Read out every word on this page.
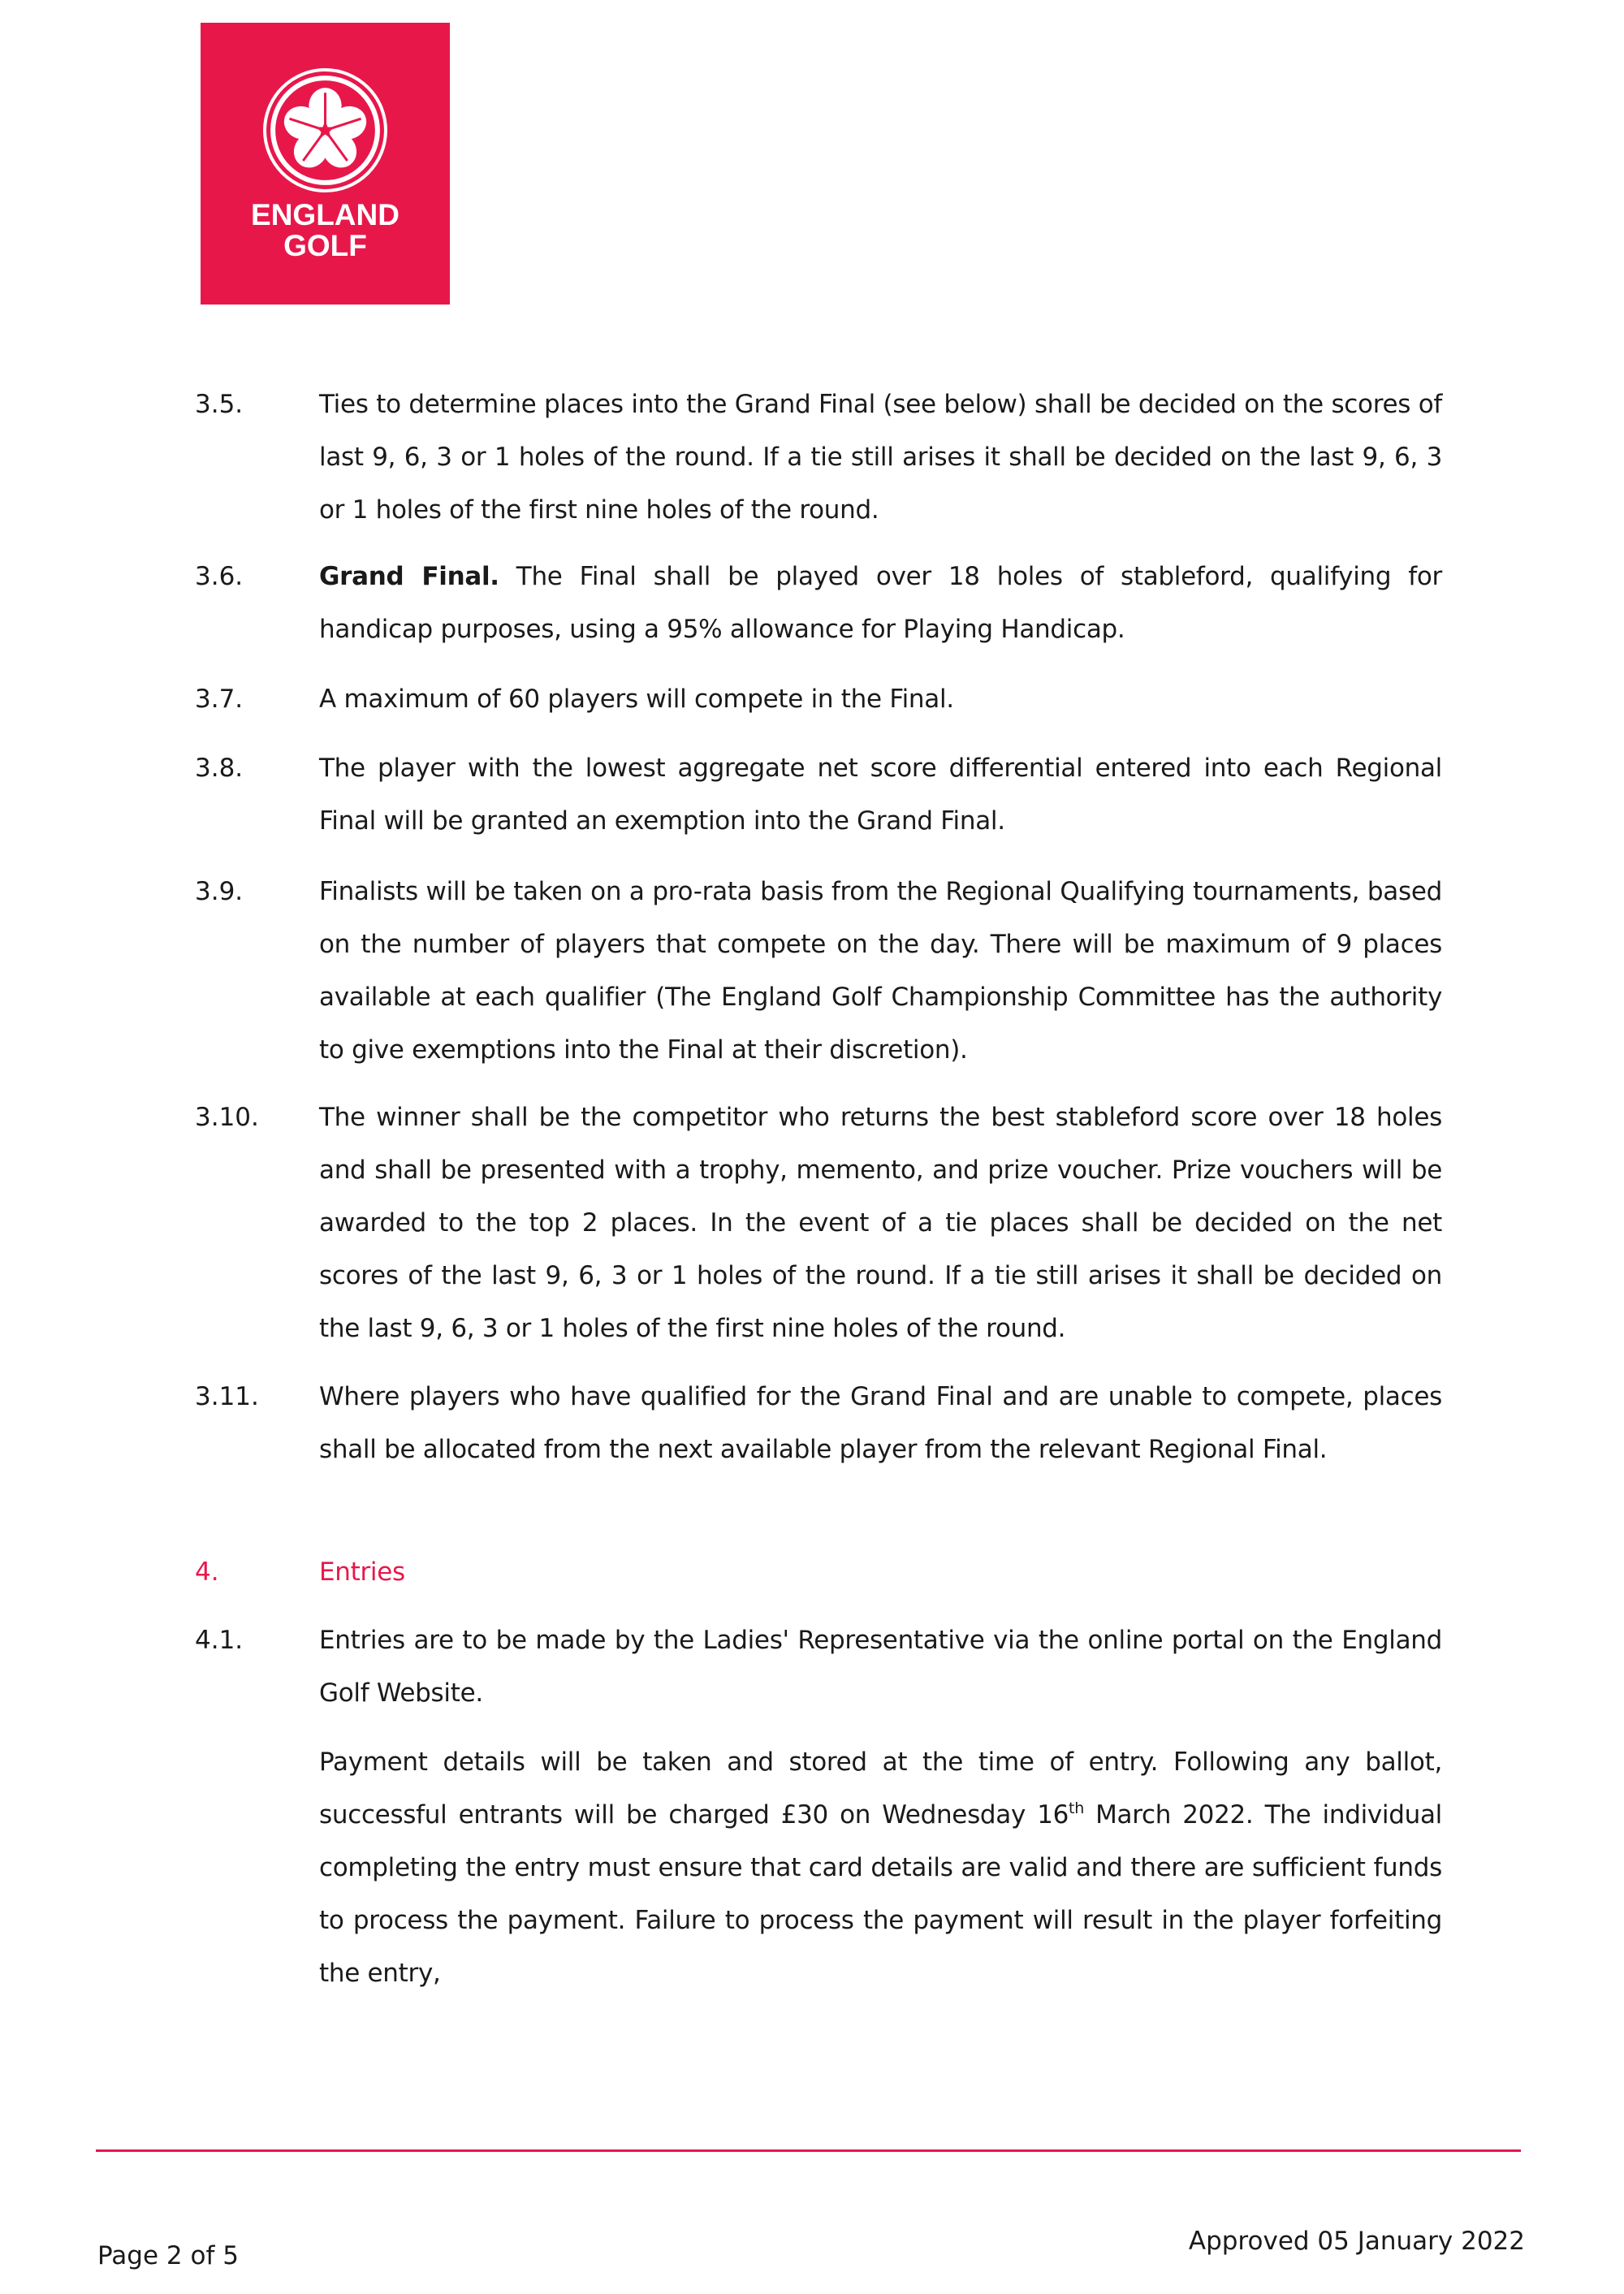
ENGLAND
GOLF
3.5.	Ties to determine places into the Grand Final (see below) shall be decided on the scores of last 9, 6, 3 or 1 holes of the round. If a tie still arises it shall be decided on the last 9, 6, 3 or 1 holes of the first nine holes of the round.
3.6.	Grand Final. The Final shall be played over 18 holes of stableford, qualifying for handicap purposes, using a 95% allowance for Playing Handicap.
3.7.	A maximum of 60 players will compete in the Final.
3.8.	The player with the lowest aggregate net score differential entered into each Regional Final will be granted an exemption into the Grand Final.
3.9.	Finalists will be taken on a pro-rata basis from the Regional Qualifying tournaments, based on the number of players that compete on the day. There will be maximum of 9 places available at each qualifier (The England Golf Championship Committee has the authority to give exemptions into the Final at their discretion).
3.10. The winner shall be the competitor who returns the best stableford score over 18 holes and shall be presented with a trophy, memento, and prize voucher. Prize vouchers will be awarded to the top 2 places. In the event of a tie places shall be decided on the net scores of the last 9, 6, 3 or 1 holes of the round. If a tie still arises it shall be decided on the last 9, 6, 3 or 1 holes of the first nine holes of the round.
3.11. Where players who have qualified for the Grand Final and are unable to compete, places shall be allocated from the next available player from the relevant Regional Final.
4.	Entries
4.1.	Entries are to be made by the Ladies' Representative via the online portal on the England Golf Website.
Payment details will be taken and stored at the time of entry. Following any ballot, successful entrants will be charged £30 on Wednesday 16th March 2022. The individual completing the entry must ensure that card details are valid and there are sufficient funds to process the payment. Failure to process the payment will result in the player forfeiting the entry,
Page 2 of 5	Approved 05 January 2022
